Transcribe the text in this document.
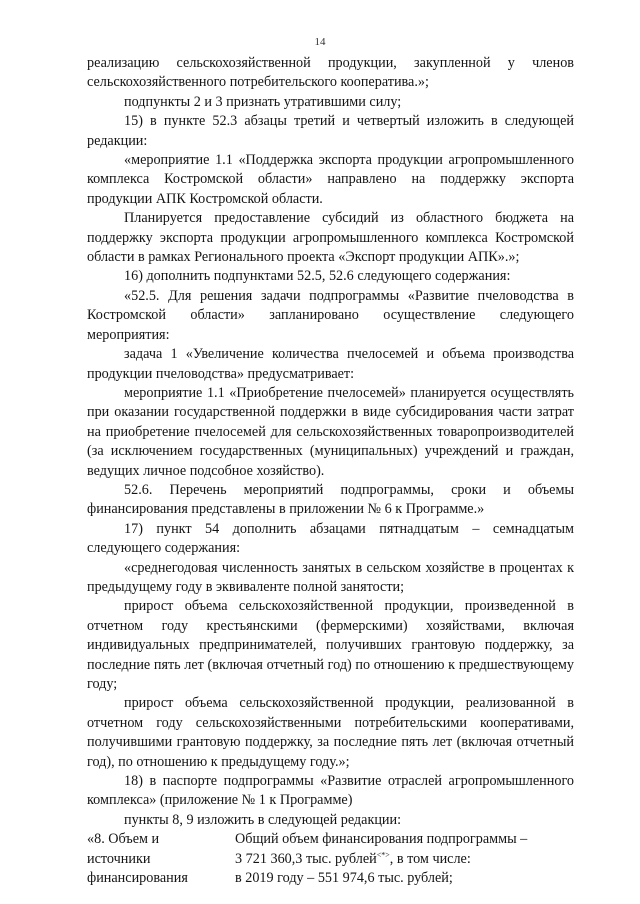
14

реализацию сельскохозяйственной продукции, закупленной у членов сельскохозяйственного потребительского кооператива.»;

подпункты 2 и 3 признать утратившими силу;

15) в пункте 52.3 абзацы третий и четвертый изложить в следующей редакции:

«мероприятие 1.1 «Поддержка экспорта продукции агропромышленного комплекса Костромской области» направлено на поддержку экспорта продукции АПК Костромской области.

Планируется предоставление субсидий из областного бюджета на поддержку экспорта продукции агропромышленного комплекса Костромской области в рамках Регионального проекта «Экспорт продукции АПК».»;

16) дополнить подпунктами 52.5, 52.6 следующего содержания:

«52.5. Для решения задачи подпрограммы «Развитие пчеловодства в Костромской области» запланировано осуществление следующего мероприятия:

задача 1 «Увеличение количества пчелосемей и объема производства продукции пчеловодства» предусматривает:

мероприятие 1.1 «Приобретение пчелосемей» планируется осуществлять при оказании государственной поддержки в виде субсидирования части затрат на приобретение пчелосемей для сельскохозяйственных товаропроизводителей (за исключением государственных (муниципальных) учреждений и граждан, ведущих личное подсобное хозяйство).

52.6. Перечень мероприятий подпрограммы, сроки и объемы финансирования представлены в приложении № 6 к Программе.»

17) пункт 54 дополнить абзацами пятнадцатым – семнадцатым следующего содержания:

«среднегодовая численность занятых в сельском хозяйстве в процентах к предыдущему году в эквиваленте полной занятости;

прирост объема сельскохозяйственной продукции, произведенной в отчетном году крестьянскими (фермерскими) хозяйствами, включая индивидуальных предпринимателей, получивших грантовую поддержку, за последние пять лет (включая отчетный год) по отношению к предшествующему году;

прирост объема сельскохозяйственной продукции, реализованной в отчетном году сельскохозяйственными потребительскими кооперативами, получившими грантовую поддержку, за последние пять лет (включая отчетный год), по отношению к предыдущему году.»;

18) в паспорте подпрограммы «Развитие отраслей агропромышленного комплекса» (приложение № 1 к Программе)

пункты 8, 9 изложить в следующей редакции:

«8. Объем и
источники
финансирования
Общий объем финансирования подпрограммы –
3 721 360,3 тыс. рублей<*>, в том числе:
в 2019 году – 551 974,6 тыс. рублей;
